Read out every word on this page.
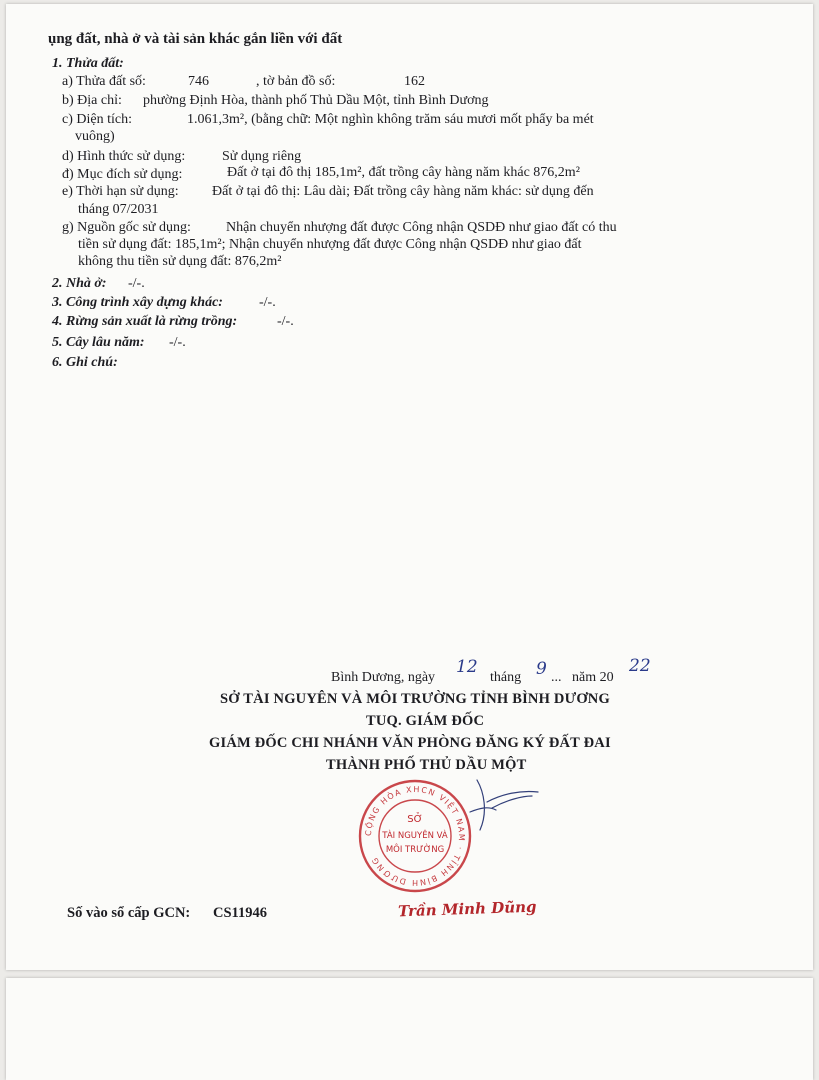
ụng đất, nhà ở và tài sản khác gắn liền với đất
1. Thửa đất:
a) Thửa đất số:	746	, tờ bản đồ số:	162
b) Địa chỉ: phường Định Hòa, thành phố Thủ Dầu Một, tỉnh Bình Dương
c) Diện tích:	1.061,3m², (bằng chữ: Một nghìn không trăm sáu mươi mốt phẩy ba mét
vuông)
d) Hình thức sử dụng:	Sử dụng riêng
đ) Mục đích sử dụng:	Đất ở tại đô thị 185,1m², đất trồng cây hàng năm khác 876,2m²
e) Thời hạn sử dụng: Đất ở tại đô thị: Lâu dài; Đất trồng cây hàng năm khác: sử dụng đến
tháng 07/2031
g) Nguồn gốc sử dụng:	Nhận chuyển nhượng đất được Công nhận QSDĐ như giao đất có thu
tiền sử dụng đất: 185,1m²; Nhận chuyển nhượng đất được Công nhận QSDĐ như giao đất
không thu tiền sử dụng đất: 876,2m²
2. Nhà ở: -/-.
3. Công trình xây dựng khác:	-/-.
4. Rừng sản xuất là rừng trồng:	-/-.
5. Cây lâu năm: -/-.
6. Ghi chú:
Bình Dương, ngày
12
tháng 9 ... năm 20
22
SỞ TÀI NGUYÊN VÀ MÔI TRƯỜNG TỈNH BÌNH DƯƠNG
TUQ. GIÁM ĐỐC
GIÁM ĐỐC CHI NHÁNH VĂN PHÒNG ĐĂNG KÝ ĐẤT ĐAI
THÀNH PHỐ THỦ DẦU MỘT
CỘNG HÒA XHCN VIỆT NAM · TỈNH BÌNH DƯƠNG
SỞ
TÀI NGUYÊN VÀ
MÔI TRƯỜNG
Trần Minh Dũng
Số vào sổ cấp GCN: CS11946
